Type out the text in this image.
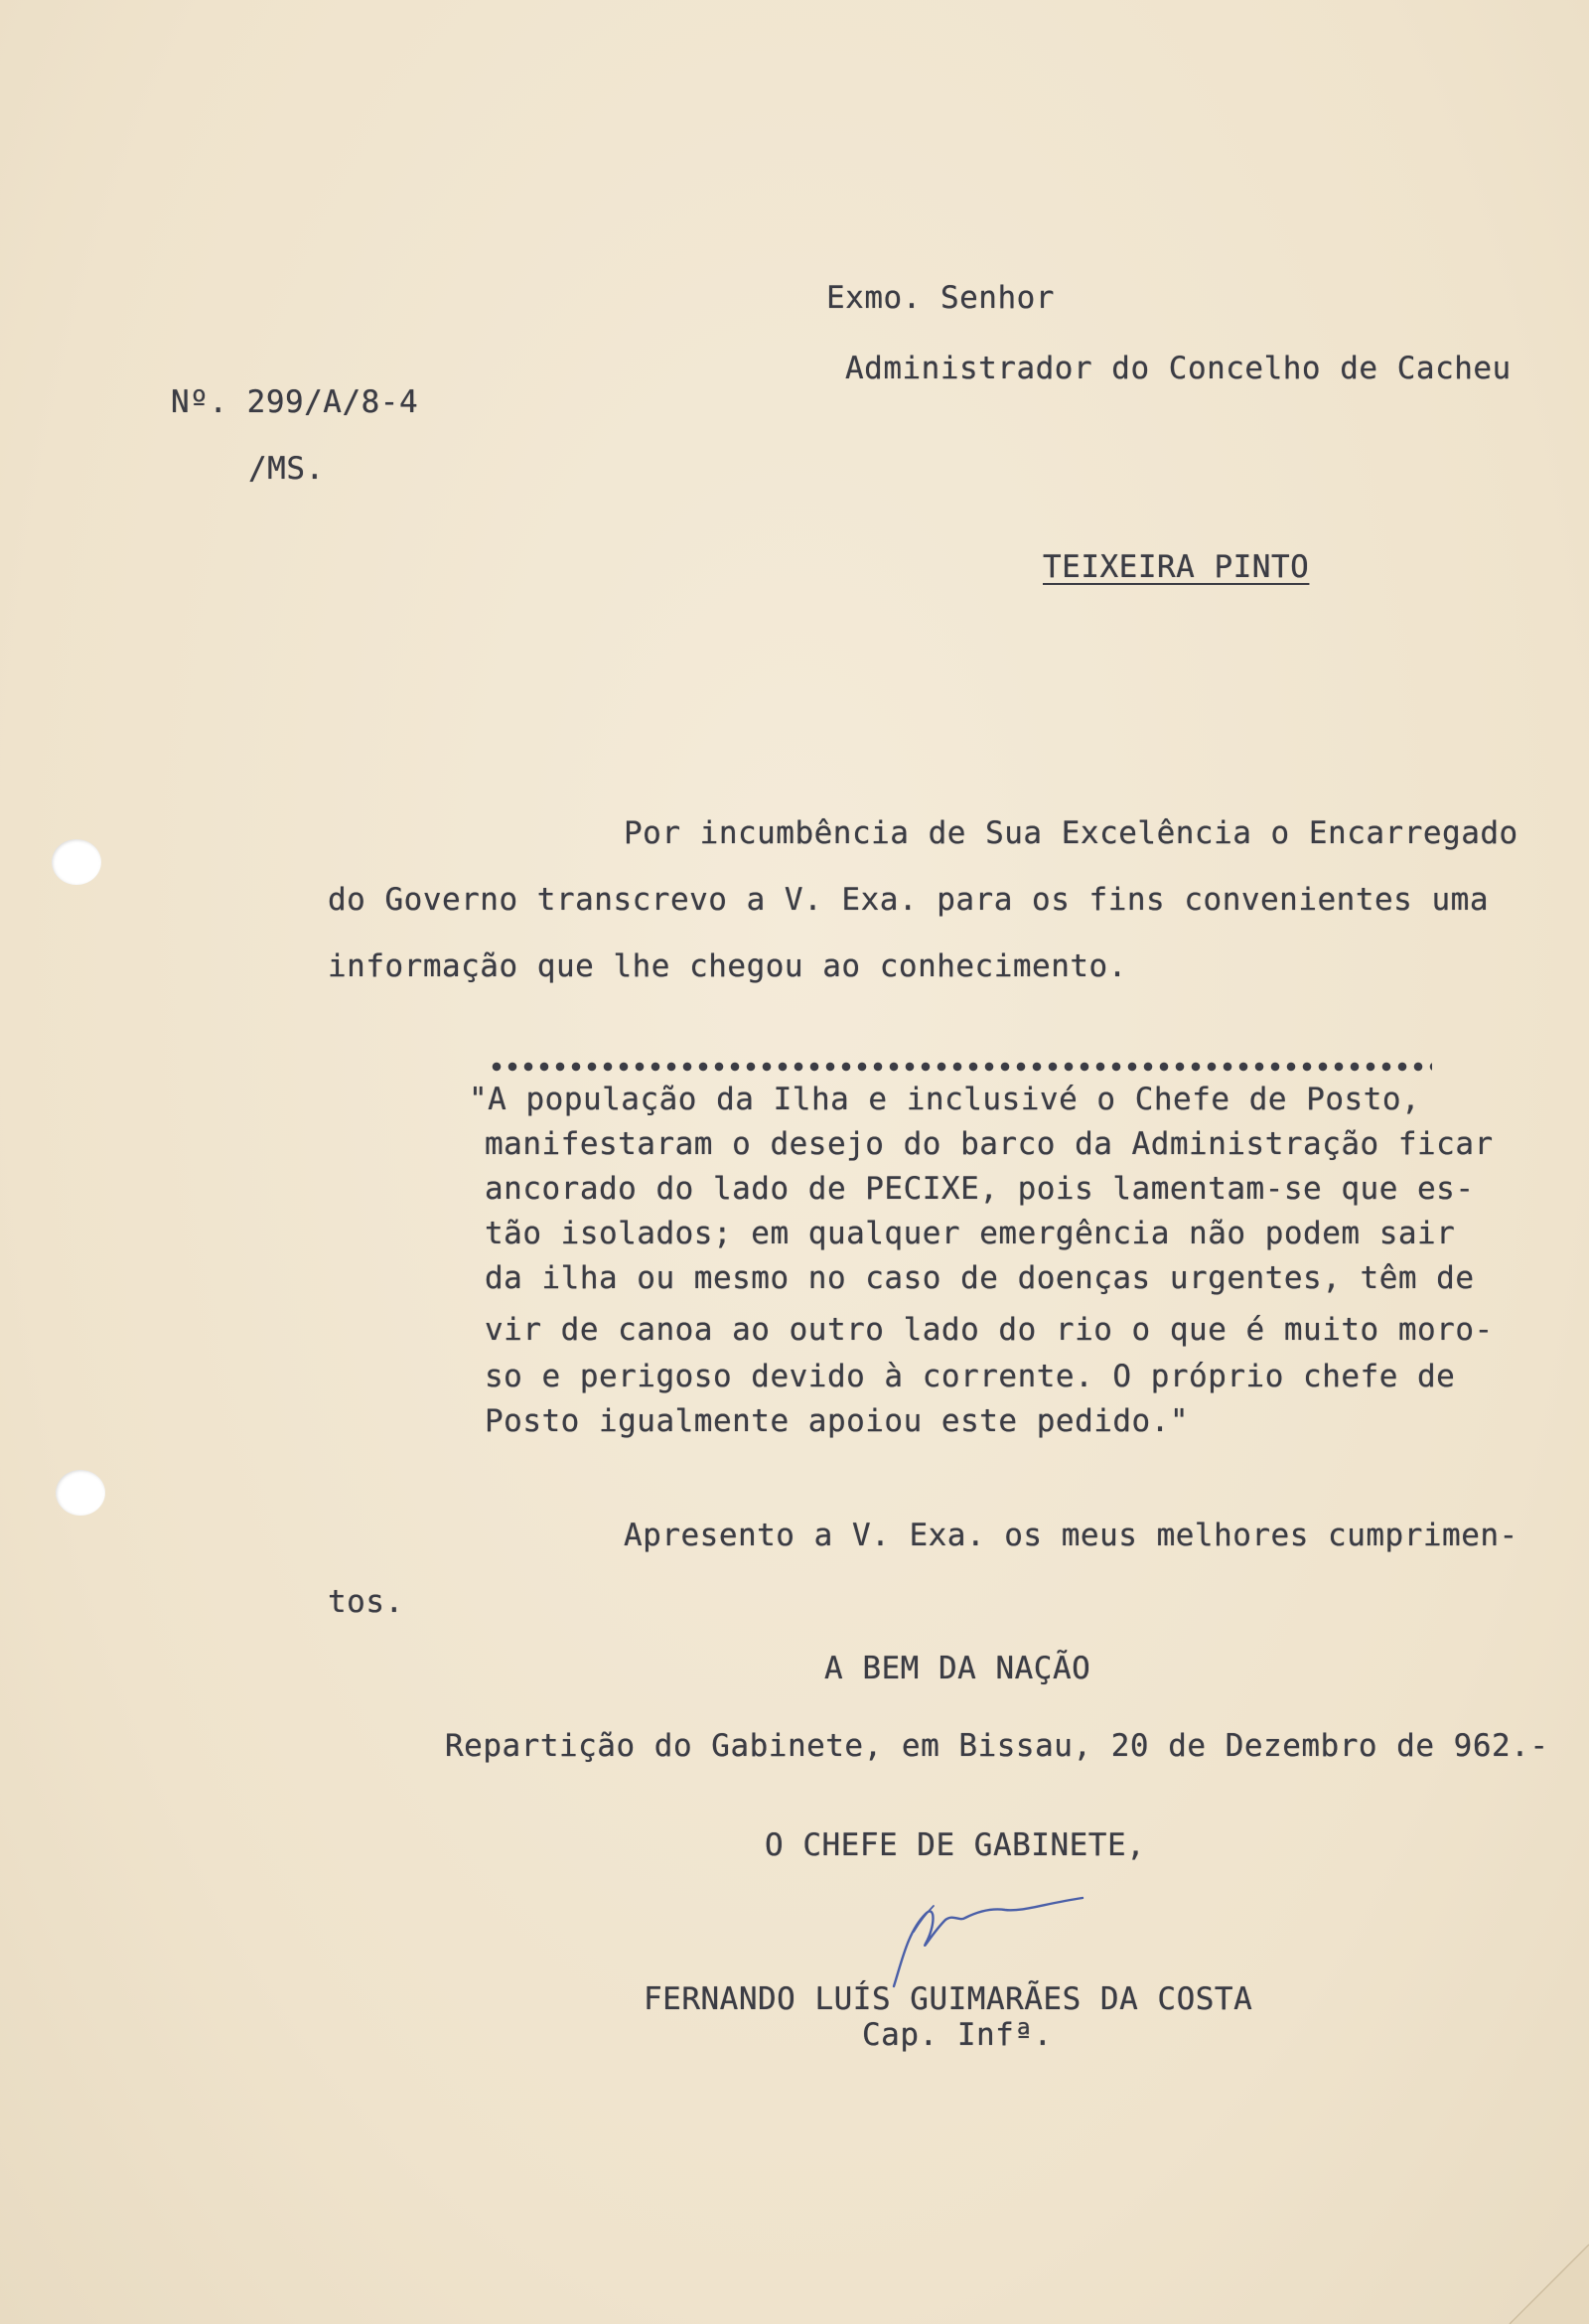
Exmo. Senhor
Administrador do Concelho de Cacheu
Nº. 299/A/8-4
/MS.
TEIXEIRA PINTO
Por incumbência de Sua Excelência o Encarregado
do Governo transcrevo a V. Exa. para os fins convenientes uma
informação que lhe chegou ao conhecimento.
"A população da Ilha e inclusivé o Chefe de Posto,
manifestaram o desejo do barco da Administração ficar
ancorado do lado de PECIXE, pois lamentam-se que es-
tão isolados; em qualquer emergência não podem sair
da ilha ou mesmo no caso de doenças urgentes, têm de
vir de canoa ao outro lado do rio o que é muito moro-
so e perigoso devido à corrente. O próprio chefe de
Posto igualmente apoiou este pedido."
Apresento a V. Exa. os meus melhores cumprimen-
tos.
A BEM DA NAÇÃO
Repartição do Gabinete, em Bissau, 20 de Dezembro de 962.-
O CHEFE DE GABINETE,
FERNANDO LUÍS GUIMARÃES DA COSTA
Cap. Infª.
